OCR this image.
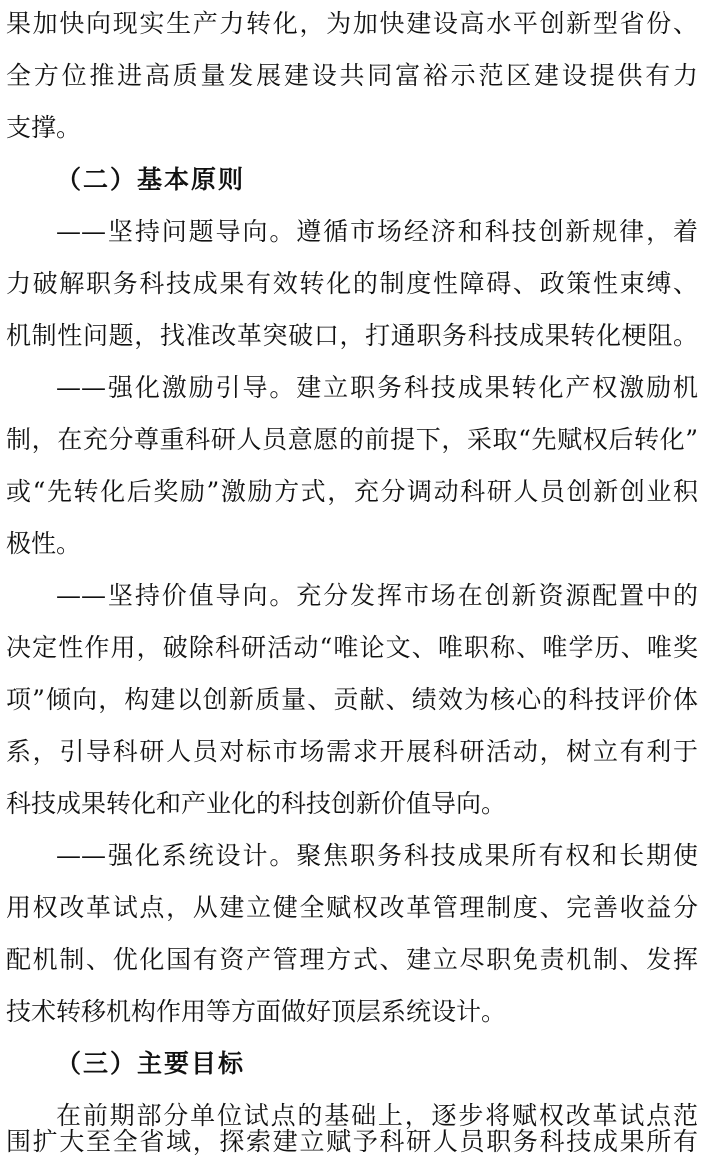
果加快向现实生产力转化，为加快建设高水平创新型省份、
全方位推进高质量发展建设共同富裕示范区建设提供有力
支撑。
（二）基本原则
——坚持问题导向。遵循市场经济和科技创新规律，着
力破解职务科技成果有效转化的制度性障碍、政策性束缚、
机制性问题，找准改革突破口，打通职务科技成果转化梗阻。
——强化激励引导。建立职务科技成果转化产权激励机
制，在充分尊重科研人员意愿的前提下，采取“先赋权后转化”
或“先转化后奖励”激励方式，充分调动科研人员创新创业积
极性。
——坚持价值导向。充分发挥市场在创新资源配置中的
决定性作用，破除科研活动“唯论文、唯职称、唯学历、唯奖
项”倾向，构建以创新质量、贡献、绩效为核心的科技评价体
系，引导科研人员对标市场需求开展科研活动，树立有利于
科技成果转化和产业化的科技创新价值导向。
——强化系统设计。聚焦职务科技成果所有权和长期使
用权改革试点，从建立健全赋权改革管理制度、完善收益分
配机制、优化国有资产管理方式、建立尽职免责机制、发挥
技术转移机构作用等方面做好顶层系统设计。
（三）主要目标
在前期部分单位试点的基础上，逐步将赋权改革试点范
围扩大至全省域，探索建立赋予科研人员职务科技成果所有
